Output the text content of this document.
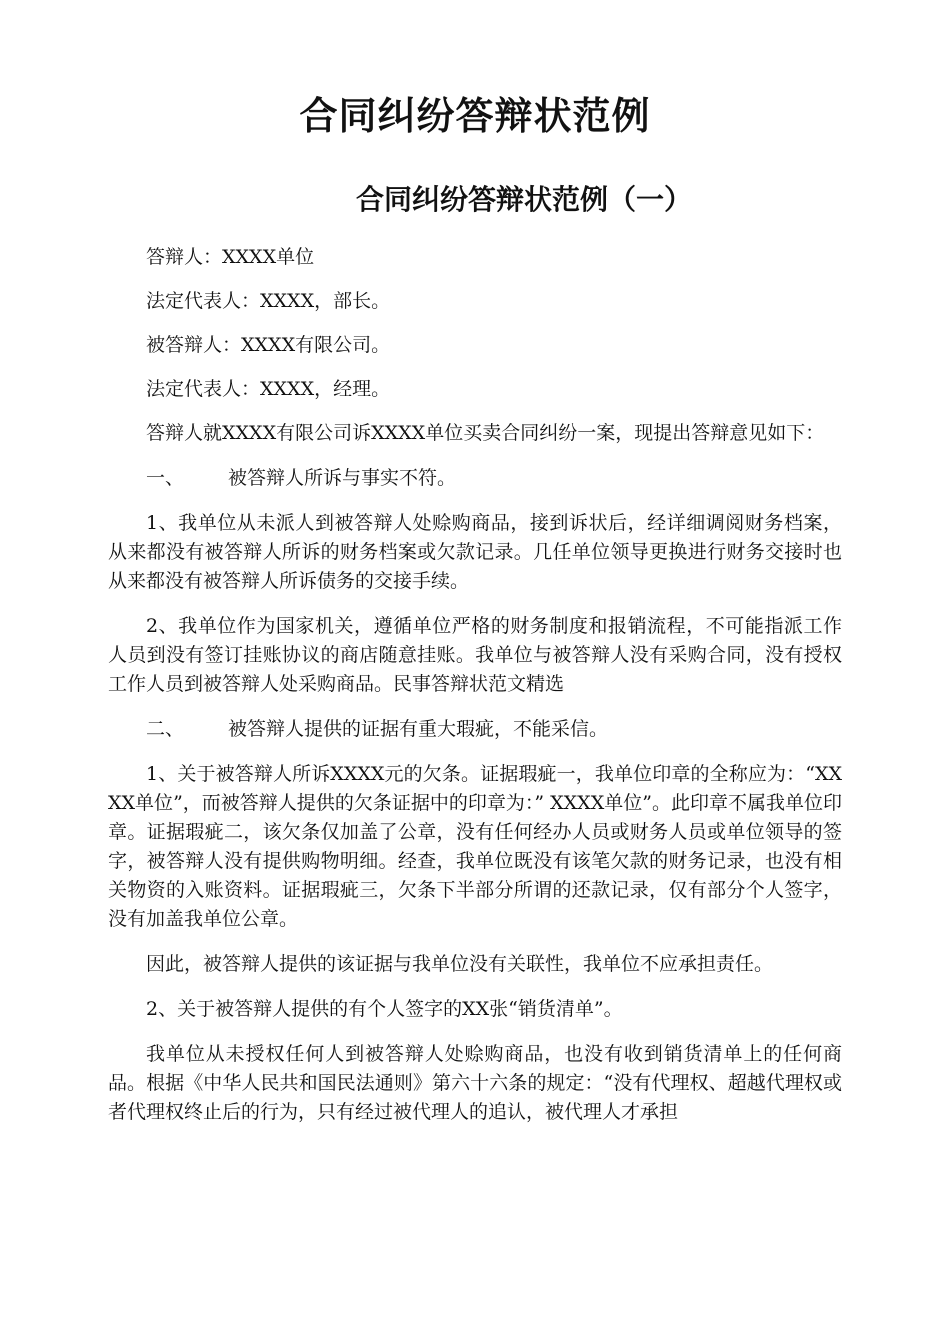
合同纠纷答辩状范例
合同纠纷答辩状范例（一）

答辩人：XXXX单位

法定代表人：XXXX，部长。

被答辩人：XXXX有限公司。

法定代表人：XXXX，经理。

答辩人就XXXX有限公司诉XXXX单位买卖合同纠纷一案，现提出答辩意见如下：

一、 被答辩人所诉与事实不符。

1、我单位从未派人到被答辩人处赊购商品，接到诉状后，经详细调阅财务档案，从来都没有被答辩人所诉的财务档案或欠款记录。几任单位领导更换进行财务交接时也从来都没有被答辩人所诉债务的交接手续。

2、我单位作为国家机关，遵循单位严格的财务制度和报销流程，不可能指派工作人员到没有签订挂账协议的商店随意挂账。我单位与被答辩人没有采购合同，没有授权工作人员到被答辩人处采购商品。民事答辩状范文精选

二、 被答辩人提供的证据有重大瑕疵，不能采信。

1、关于被答辩人所诉XXXX元的欠条。证据瑕疵一，我单位印章的全称应为：“XXXX单位”，而被答辩人提供的欠条证据中的印章为：” XXXX单位”。此印章不属我单位印章。证据瑕疵二，该欠条仅加盖了公章，没有任何经办人员或财务人员或单位领导的签字，被答辩人没有提供购物明细。经查，我单位既没有该笔欠款的财务记录，也没有相关物资的入账资料。证据瑕疵三，欠条下半部分所谓的还款记录，仅有部分个人签字，没有加盖我单位公章。

因此，被答辩人提供的该证据与我单位没有关联性，我单位不应承担责任。

2、关于被答辩人提供的有个人签字的XX张“销货清单”。

我单位从未授权任何人到被答辩人处赊购商品，也没有收到销货清单上的任何商品。根据《中华人民共和国民法通则》第六十六条的规定：“没有代理权、超越代理权或者代理权终止后的行为，只有经过被代理人的追认，被代理人才承担
